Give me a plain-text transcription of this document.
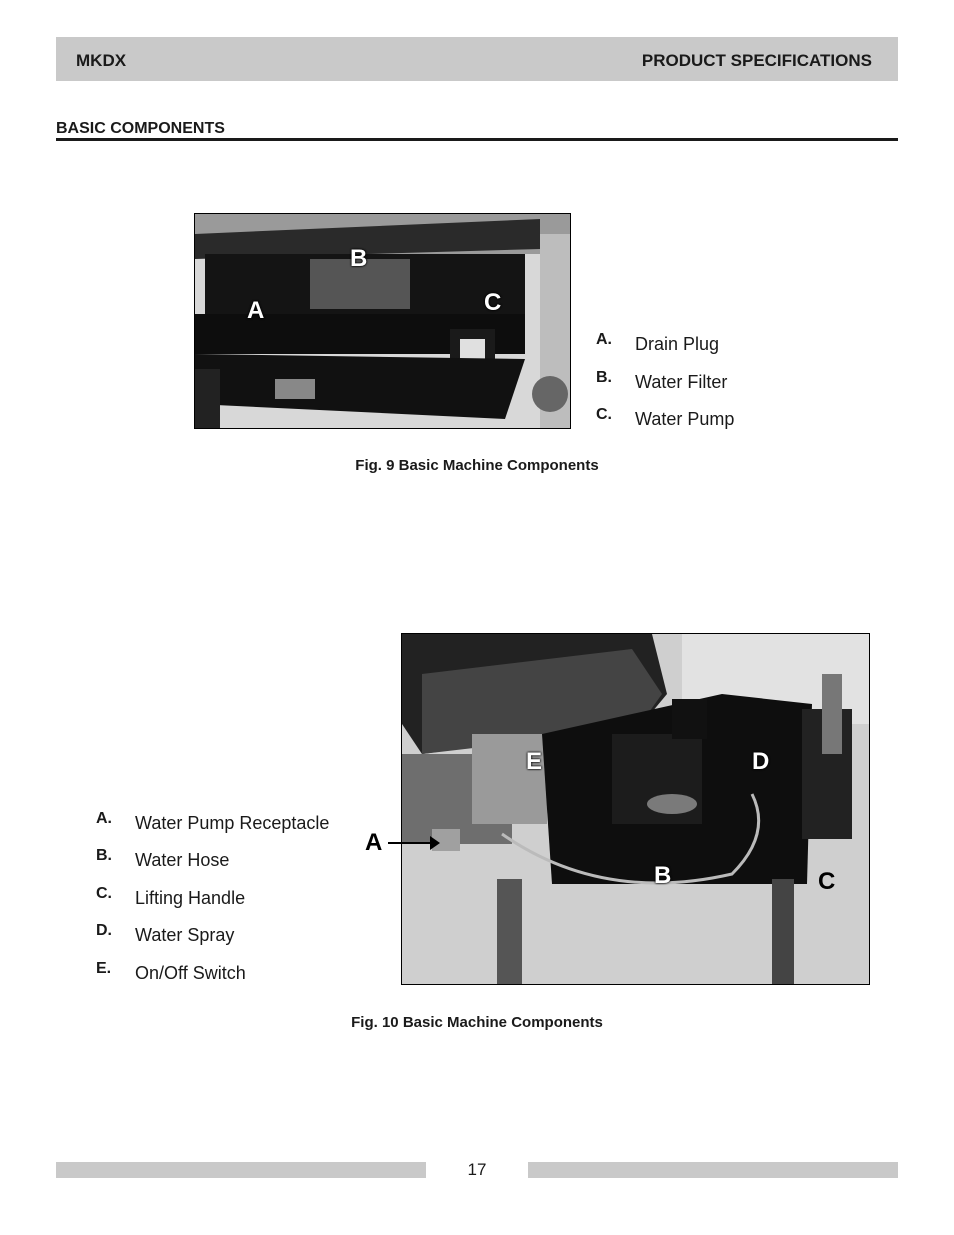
MKDX	PRODUCT SPECIFICATIONS
BASIC COMPONENTS
A
B
C
A. Drain Plug
B. Water Filter
C. Water Pump
Fig. 9 Basic Machine Components
B	C
D
E
A
A. Water Pump Receptacle
B. Water Hose
C. Lifting Handle
D. Water Spray
E. On/Off Switch
Fig. 10 Basic Machine Components
17
